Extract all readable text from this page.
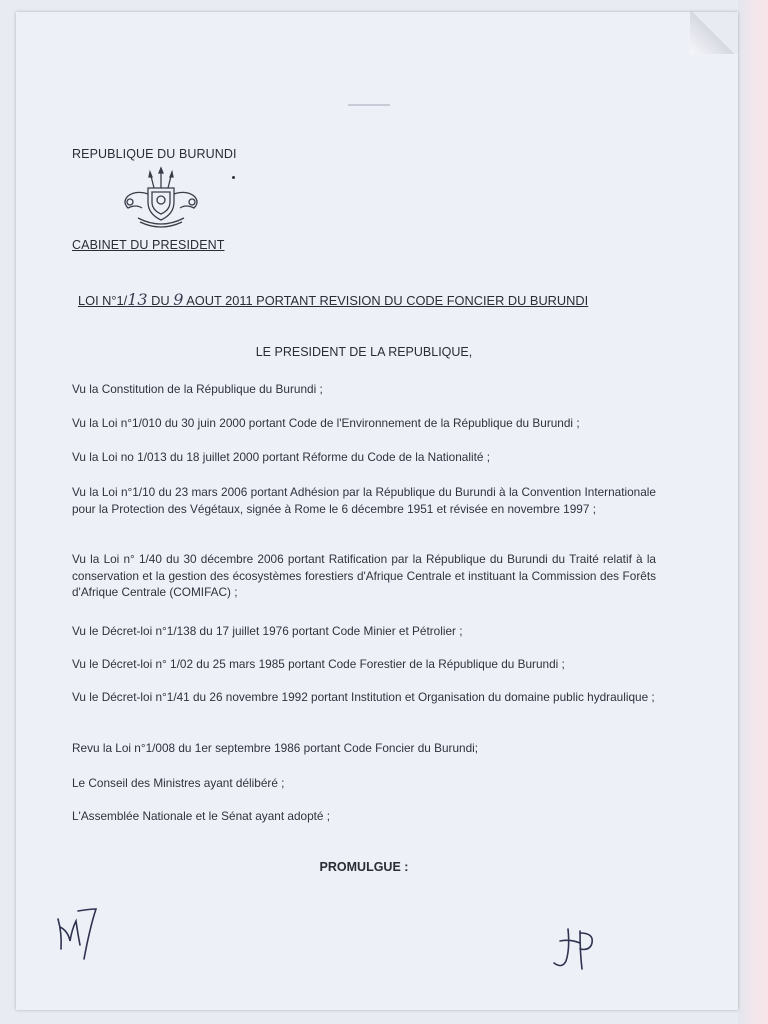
REPUBLIQUE DU BURUNDI
CABINET DU PRESIDENT
LOI N°1/13 DU 9 AOUT 2011 PORTANT REVISION DU CODE FONCIER DU BURUNDI
LE PRESIDENT DE LA REPUBLIQUE,
Vu la Constitution de la République du Burundi ;
Vu la Loi n°1/010 du 30 juin 2000 portant Code de l'Environnement de la République du Burundi ;
Vu la Loi no 1/013 du 18 juillet 2000 portant Réforme du Code de la Nationalité ;
Vu la Loi n°1/10 du 23 mars 2006 portant Adhésion par la République du Burundi à la Convention Internationale pour la Protection des Végétaux, signée à Rome le 6 décembre 1951 et révisée en novembre 1997 ;
Vu la Loi n° 1/40 du 30 décembre 2006 portant Ratification par la République du Burundi du Traité relatif à la conservation et la gestion des écosystèmes forestiers d'Afrique Centrale et instituant la Commission des Forêts d'Afrique Centrale (COMIFAC) ;
Vu le Décret-loi n°1/138 du 17 juillet 1976 portant Code Minier et Pétrolier ;
Vu le Décret-loi n° 1/02 du 25 mars 1985 portant Code Forestier de la République du Burundi ;
Vu le Décret-loi n°1/41 du 26 novembre 1992 portant Institution et Organisation du domaine public hydraulique ;
Revu la Loi n°1/008 du 1er septembre 1986 portant Code Foncier du Burundi;
Le Conseil des Ministres ayant délibéré ;
L'Assemblée Nationale et le Sénat ayant adopté ;
PROMULGUE :
